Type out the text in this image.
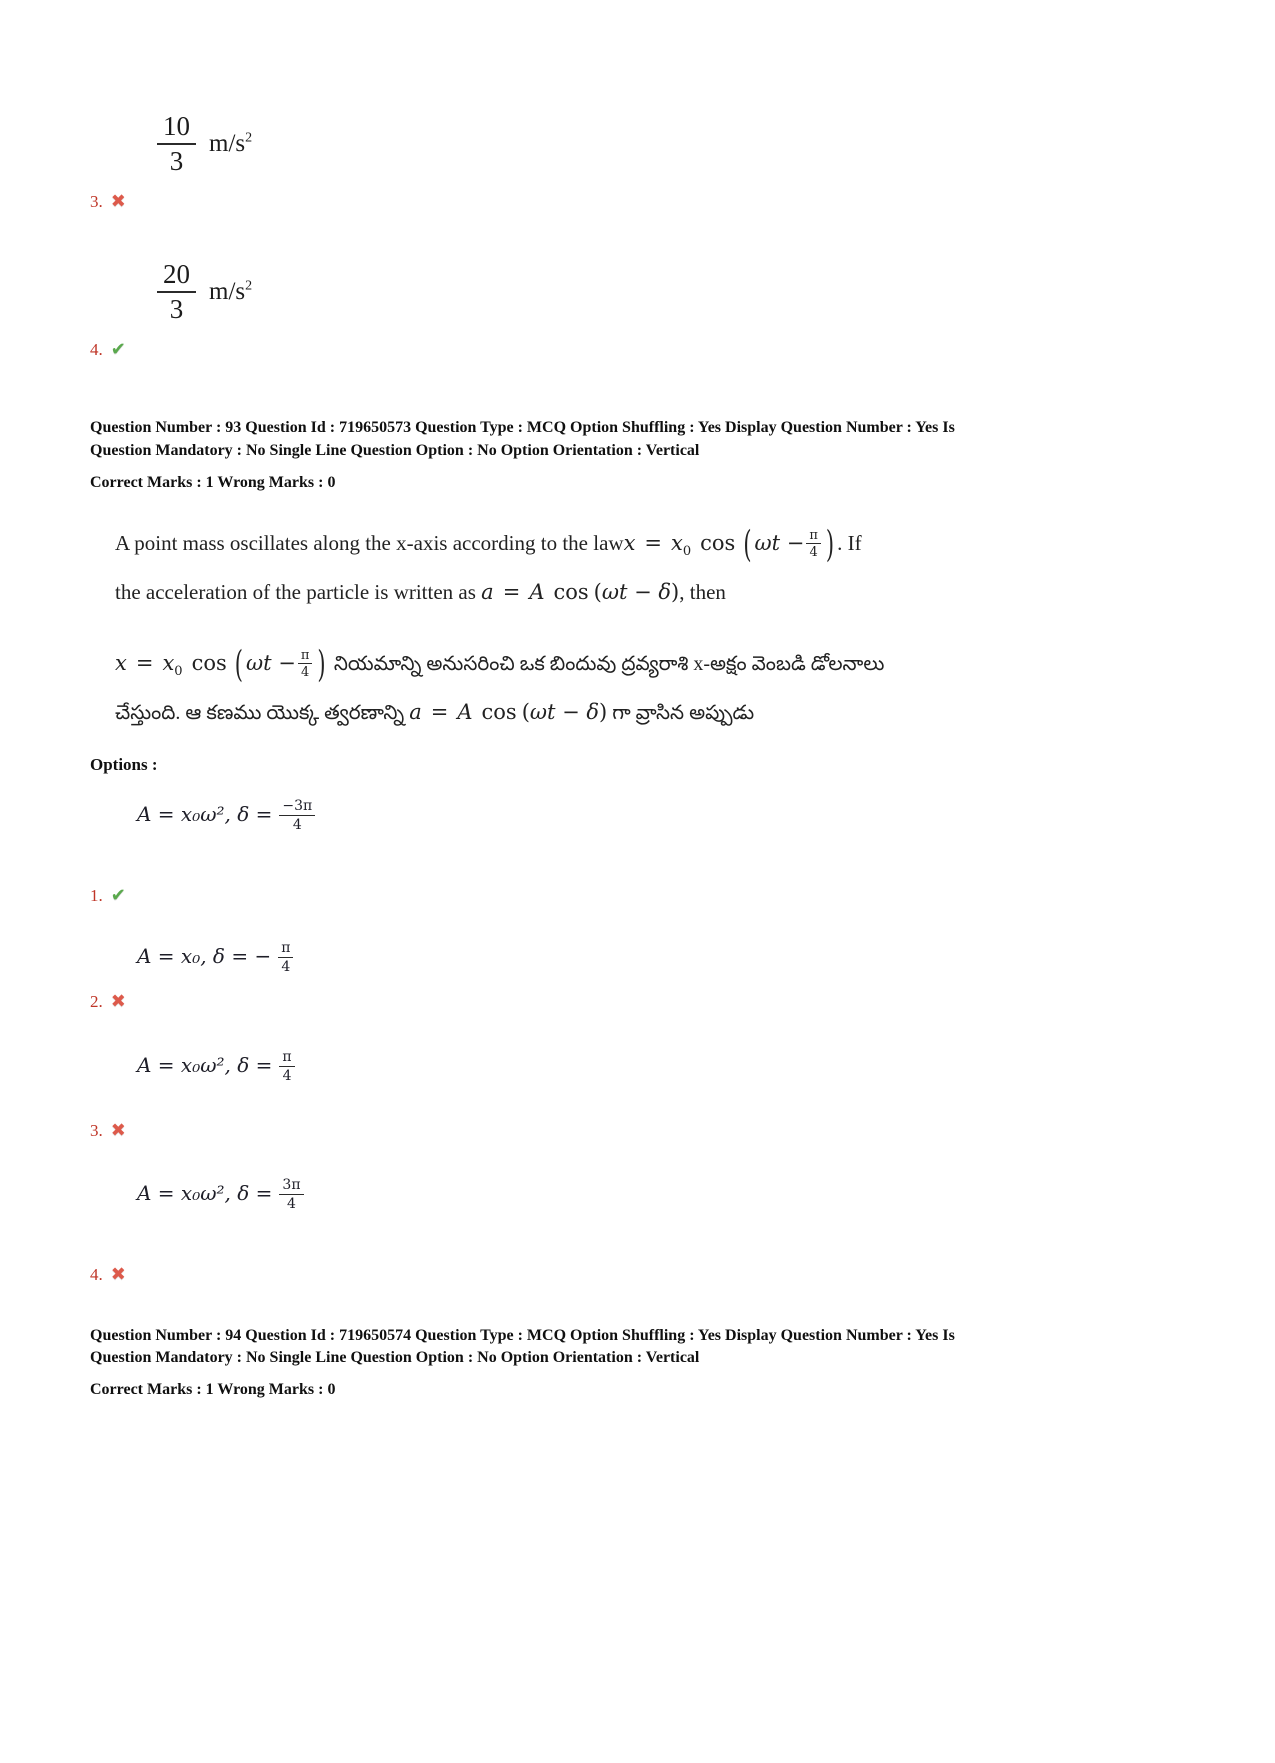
$\frac{10}{3} m/s^2$
3. ✖
$\frac{20}{3} m/s^2$
4. ✔
Question Number : 93 Question Id : 719650573 Question Type : MCQ Option Shuffling : Yes Display Question Number : Yes Is
Question Mandatory : No Single Line Question Option : No Option Orientation : Vertical
Correct Marks : 1 Wrong Marks : 0
A point mass oscillates along the x-axis according to the lawx = $x_0$ cos ( $\omega t - \frac{\pi}{4}$ ) . If
the acceleration of the particle is written as a = A cos (ωt − δ), then
$x = x_0$ cos ( $\omega t - \frac{\pi}{4}$ ) నియమాన్ని అనుసరించి ఒక బిందువు ద్రవ్యరాశి x-అక్షం వెంబడి డోలనాలు
చేస్తుంది. ఆ కణము యొక్క త్వరణాన్ని a = A cos (ωt − δ) గా వ్రాసిన అప్పుడు
Options :
A = x₀ω², $\delta = \frac{-3\pi}{4}$
1. ✔
A = x₀, δ = − $\frac{\pi}{4}$
2. ✖
A = x₀ω², $\delta = \frac{\pi}{4}$
3. ✖
A = x₀ω², $\delta = \frac{3\pi}{4}$
4. ✖
Question Number : 94 Question Id : 719650574 Question Type : MCQ Option Shuffling : Yes Display Question Number : Yes Is
Question Mandatory : No Single Line Question Option : No Option Orientation : Vertical
Correct Marks : 1 Wrong Marks : 0
